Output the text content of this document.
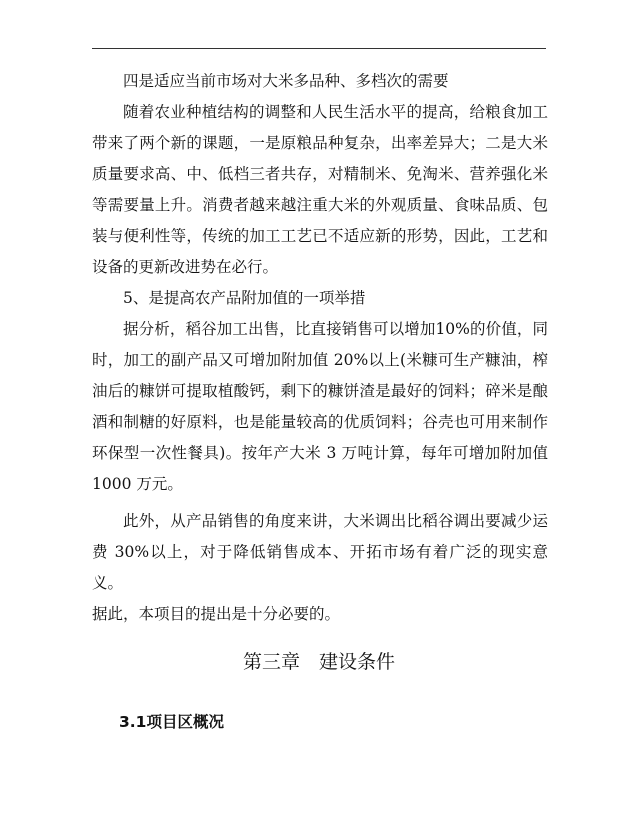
四是适应当前市场对大米多品种、多档次的需要

随着农业种植结构的调整和人民生活水平的提高，给粮食加工带来了两个新的课题，一是原粮品种复杂，出率差异大；二是大米质量要求高、中、低档三者共存，对精制米、免淘米、营养强化米等需要量上升。消费者越来越注重大米的外观质量、食味品质、包装与便利性等，传统的加工工艺已不适应新的形势，因此，工艺和设备的更新改进势在必行。

5、是提高农产品附加值的一项举措

据分析，稻谷加工出售，比直接销售可以增加10%的价值，同时，加工的副产品又可增加附加值 20%以上(米糠可生产糠油，榨油后的糠饼可提取植酸钙，剩下的糠饼渣是最好的饲料；碎米是酿酒和制糖的好原料，也是能量较高的优质饲料；谷壳也可用来制作环保型一次性餐具)。按年产大米 3 万吨计算，每年可增加附加值 1000 万元。

此外，从产品销售的角度来讲，大米调出比稻谷调出要减少运费 30%以上，对于降低销售成本、开拓市场有着广泛的现实意义。

据此，本项目的提出是十分必要的。

第三章　建设条件
3.1项目区概况
